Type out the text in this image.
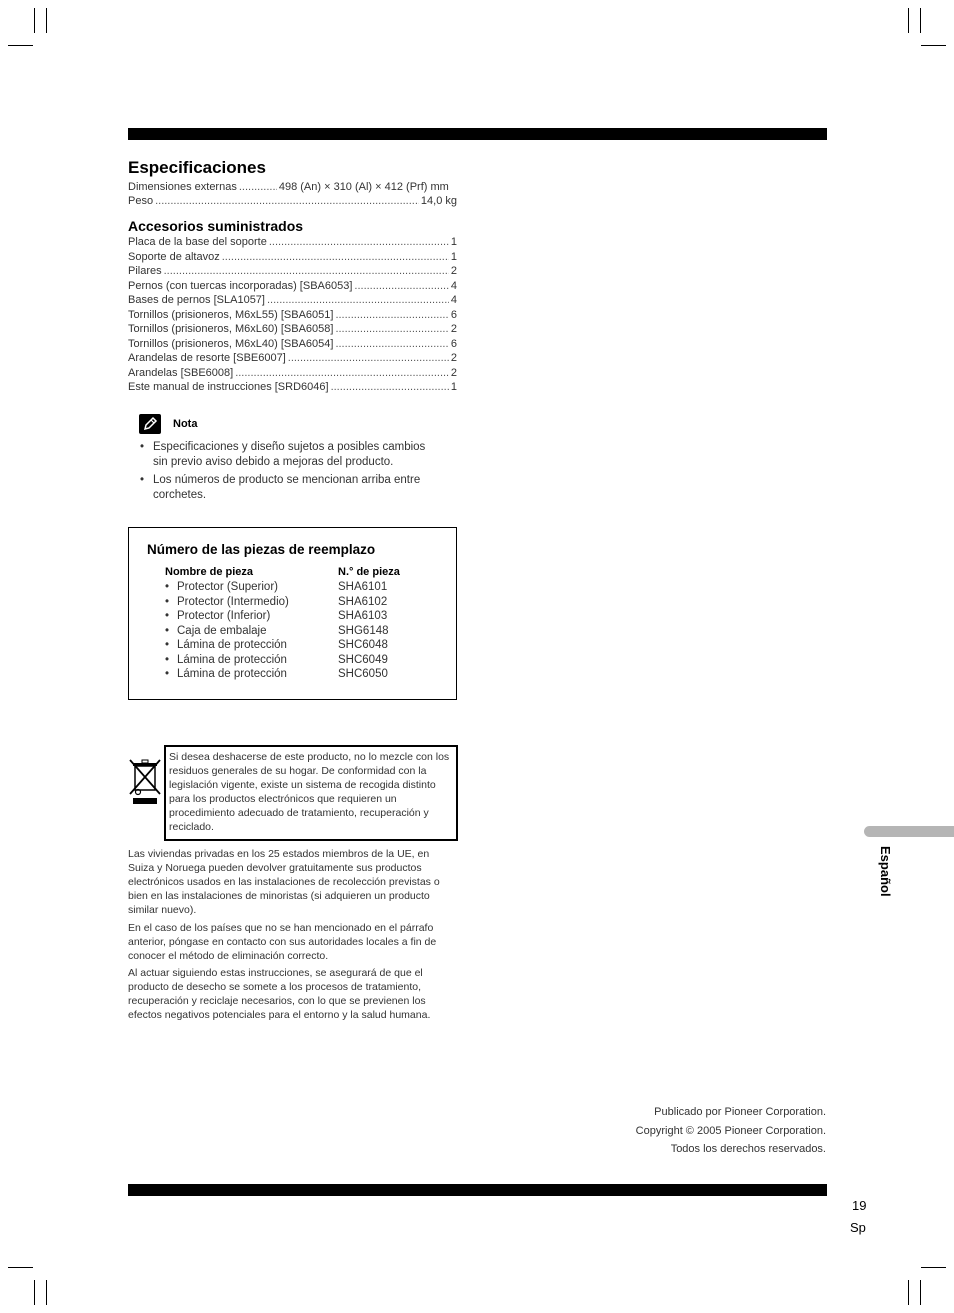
Especificaciones
Dimensiones externas .....	498 (An) × 310 (Al) × 412 (Prf) mm
Peso .....	14,0 kg
Accesorios suministrados
Placa de la base del soporte .....	1
Soporte de altavoz .....	1
Pilares .....	2
Pernos (con tuercas incorporadas) [SBA6053] .....	4
Bases de pernos [SLA1057] .....	4
Tornillos (prisioneros, M6xL55) [SBA6051] .....	6
Tornillos (prisioneros, M6xL60) [SBA6058] .....	2
Tornillos (prisioneros, M6xL40) [SBA6054] .....	6
Arandelas de resorte [SBE6007] .....	2
Arandelas [SBE6008] .....	2
Este manual de instrucciones [SRD6046] .....	1
Nota
• Especificaciones y diseño sujetos a posibles cambios sin previo aviso debido a mejoras del producto.
• Los números de producto se mencionan arriba entre corchetes.
Número de las piezas de reemplazo
Nombre de pieza	N.° de pieza
• Protector (Superior)	SHA6101
• Protector (Intermedio)	SHA6102
• Protector (Inferior)	SHA6103
• Caja de embalaje	SHG6148
• Lámina de protección	SHC6048
• Lámina de protección	SHC6049
• Lámina de protección	SHC6050
Si desea deshacerse de este producto, no lo mezcle con los residuos generales de su hogar. De conformidad con la legislación vigente, existe un sistema de recogida distinto para los productos electrónicos que requieren un procedimiento adecuado de tratamiento, recuperación y reciclado.
Las viviendas privadas en los 25 estados miembros de la UE, en Suiza y Noruega pueden devolver gratuitamente sus productos electrónicos usados en las instalaciones de recolección previstas o bien en las instalaciones de minoristas (si adquieren un producto similar nuevo).
En el caso de los países que no se han mencionado en el párrafo anterior, póngase en contacto con sus autoridades locales a fin de conocer el método de eliminación correcto.
Al actuar siguiendo estas instrucciones, se asegurará de que el producto de desecho se somete a los procesos de tratamiento, recuperación y reciclaje necesarios, con lo que se previenen los efectos negativos potenciales para el entorno y la salud humana.
Español
Publicado por Pioneer Corporation.
Copyright © 2005 Pioneer Corporation.
Todos los derechos reservados.
19
Sp
